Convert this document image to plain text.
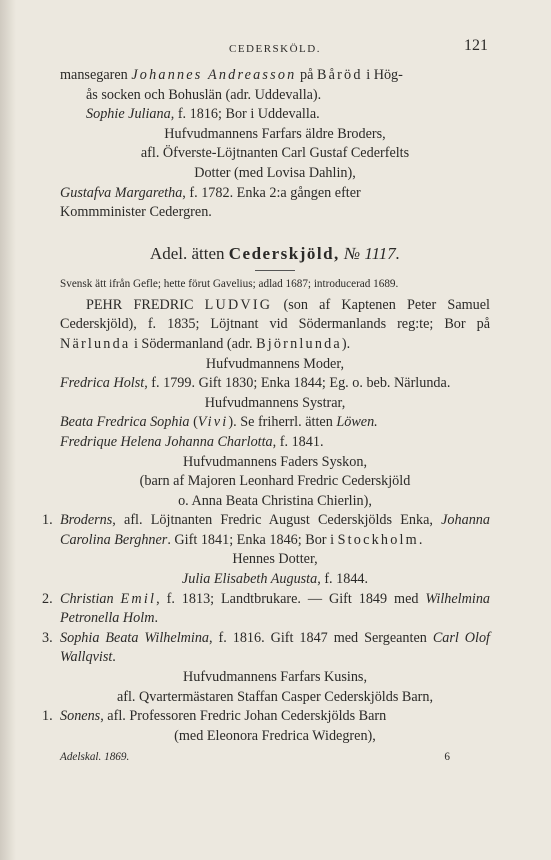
CEDERSKÖLD.	121

mansegaren Johannes Andreasson på Båröd i Hög-

ås socken och Bohuslän (adr. Uddevalla).

Sophie Juliana, f. 1816; Bor i Uddevalla.

Hufvudmannens Farfars äldre Broders,

afl. Öfverste-Löjtnanten Carl Gustaf Cederfelts

Dotter (med Lovisa Dahlin),

Gustafva Margaretha, f. 1782. Enka 2:a gången efter

Kommminister Cedergren.

Adel. ätten Cederskjöld, № 1117.

Svensk ätt ifrån Gefle; hette förut Gavelius; adlad 1687; introducerad 1689.

PEHR FREDRIC LUDVIG (son af Kaptenen Peter Samuel Cederskjöld), f. 1835; Löjtnant vid Södermanlands reg:te; Bor på Närlunda i Södermanland (adr. Björnlunda).

Hufvudmannens Moder,

Fredrica Holst, f. 1799. Gift 1830; Enka 1844; Eg. o. beb. Närlunda.

Hufvudmannens Systrar,

Beata Fredrica Sophia (Vivi). Se friherrl. ätten Löwen.

Fredrique Helena Johanna Charlotta, f. 1841.

Hufvudmannens Faders Syskon,

(barn af Majoren Leonhard Fredric Cederskjöld

o. Anna Beata Christina Chierlin),

1. Broderns, afl. Löjtnanten Fredric August Cederskjölds Enka, Johanna Carolina Berghner. Gift 1841; Enka 1846; Bor i Stockholm.

Hennes Dotter,

Julia Elisabeth Augusta, f. 1844.

2. Christian Emil, f. 1813; Landtbrukare. — Gift 1849 med Wilhelmina Petronella Holm.

3. Sophia Beata Wilhelmina, f. 1816. Gift 1847 med Sergeanten Carl Olof Wallqvist.

Hufvudmannens Farfars Kusins,

afl. Qvartermästaren Staffan Casper Cederskjölds Barn,

1. Sonens, afl. Professoren Fredric Johan Cederskjölds Barn

(med Eleonora Fredrica Widegren),

Adelskal. 1869.	6
